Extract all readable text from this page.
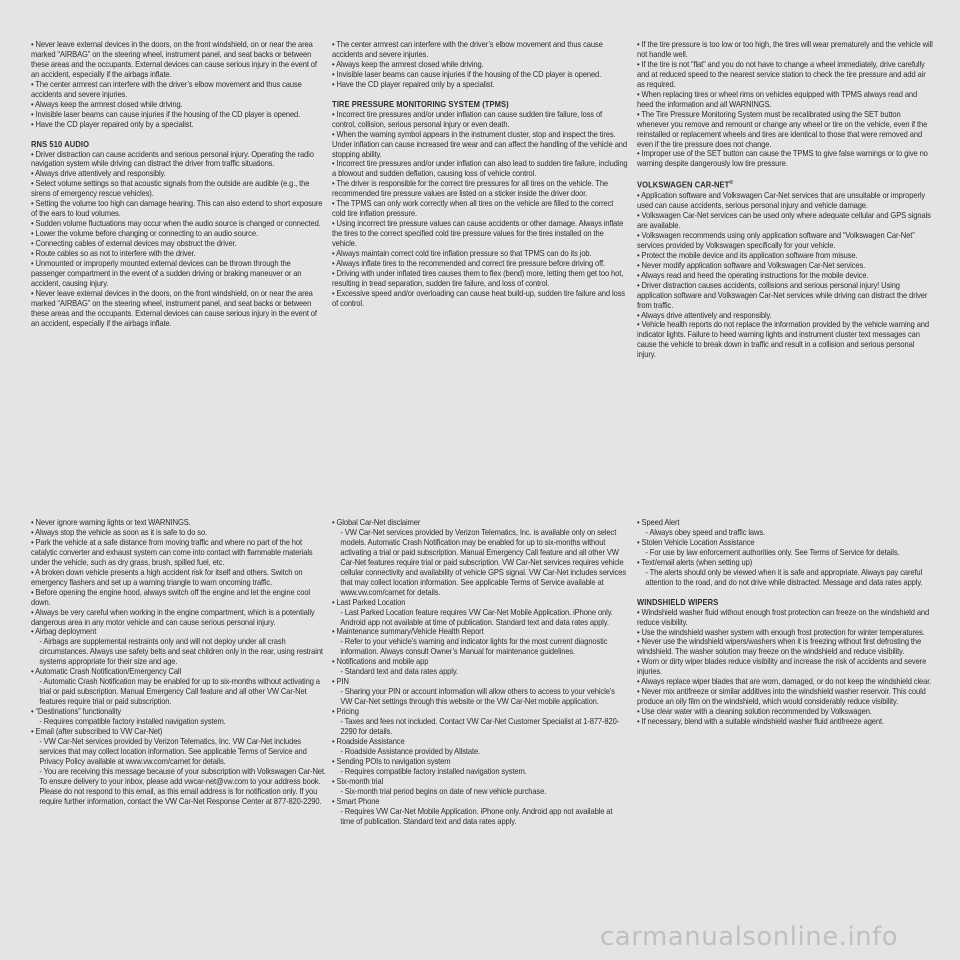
• Never leave external devices in the doors, on the front windshield, on or near the area marked “AIRBAG” on the steering wheel, instrument panel, and seat backs or between these areas and the occupants. External devices can cause serious injury in the event of an accident, especially if the airbags inflate.
• The center armrest can interfere with the driver’s elbow movement and thus cause accidents and severe injuries.
• Always keep the armrest closed while driving.
• Invisible laser beams can cause injuries if the housing of the CD player is opened.
• Have the CD player repaired only by a specialist.
RNS 510 AUDIO
• Driver distraction can cause accidents and serious personal injury. Operating the radio navigation system while driving can distract the driver from traffic situations.
• Always drive attentively and responsibly.
• Select volume settings so that acoustic signals from the outside are audible (e.g., the sirens of emergency rescue vehicles).
• Setting the volume too high can damage hearing. This can also extend to short exposure of the ears to loud volumes.
• Sudden volume fluctuations may occur when the audio source is changed or connected.
• Lower the volume before changing or connecting to an audio source.
• Connecting cables of external devices may obstruct the driver.
• Route cables so as not to interfere with the driver.
• Unmounted or improperly mounted external devices can be thrown through the passenger compartment in the event of a sudden driving or braking maneuver or an accident, causing injury.
• Never leave external devices in the doors, on the front windshield, on or near the area marked “AIRBAG” on the steering wheel, instrument panel, and seat backs or between these areas and the occupants. External devices can cause serious injury in the event of an accident, especially if the airbags inflate.
• The center armrest can interfere with the driver’s elbow movement and thus cause accidents and severe injuries.
• Always keep the armrest closed while driving.
• Invisible laser beams can cause injuries if the housing of the CD player is opened.
• Have the CD player repaired only by a specialist.
TIRE PRESSURE MONITORING SYSTEM (TPMS)
• Incorrect tire pressures and/or under inflation can cause sudden tire failure, loss of control, collision, serious personal injury or even death.
• When the warning symbol appears in the instrument cluster, stop and inspect the tires. Under inflation can cause increased tire wear and can affect the handling of the vehicle and stopping ability.
• Incorrect tire pressures and/or under inflation can also lead to sudden tire failure, including a blowout and sudden deflation, causing loss of vehicle control.
• The driver is responsible for the correct tire pressures for all tires on the vehicle. The recommended tire pressure values are listed on a sticker inside the driver door.
• The TPMS can only work correctly when all tires on the vehicle are filled to the correct cold tire inflation pressure.
• Using incorrect tire pressure values can cause accidents or other damage. Always inflate the tires to the correct specified cold tire pressure values for the tires installed on the vehicle.
• Always maintain correct cold tire inflation pressure so that TPMS can do its job.
• Always inflate tires to the recommended and correct tire pressure before driving off.
• Driving with under inflated tires causes them to flex (bend) more, letting them get too hot, resulting in tread separation, sudden tire failure, and loss of control.
• Excessive speed and/or overloading can cause heat build-up, sudden tire failure and loss of control.
• If the tire pressure is too low or too high, the tires will wear prematurely and the vehicle will not handle well.
• If the tire is not “flat” and you do not have to change a wheel immediately, drive carefully and at reduced speed to the nearest service station to check the tire pressure and add air as required.
• When replacing tires or wheel rims on vehicles equipped with TPMS always read and heed the information and all WARNINGS.
• The Tire Pressure Monitoring System must be recalibrated using the SET button whenever you remove and remount or change any wheel or tire on the vehicle, even if the reinstalled or replacement wheels and tires are identical to those that were removed and even if the tire pressure does not change.
• Improper use of the SET button can cause the TPMS to give false warnings or to give no warning despite dangerously low tire pressure.
VOLKSWAGEN CAR-NET®
• Application software and Volkswagen Car-Net services that are unsuitable or improperly used can cause accidents, serious personal injury and vehicle damage.
• Volkswagen Car-Net services can be used only where adequate cellular and GPS signals are available.
• Volkswagen recommends using only application software and “Volkswagen Car-Net” services provided by Volkswagen specifically for your vehicle.
• Protect the mobile device and its application software from misuse.
• Never modify application software and Volkswagen Car-Net services.
• Always read and heed the operating instructions for the mobile device.
• Driver distraction causes accidents, collisions and serious personal injury! Using application software and Volkswagen Car-Net services while driving can distract the driver from traffic.
• Always drive attentively and responsibly.
• Vehicle health reports do not replace the information provided by the vehicle warning and indicator lights. Failure to heed warning lights and instrument cluster text messages can cause the vehicle to break down in traffic and result in a collision and serious personal injury.
• Never ignore warning lights or text WARNINGS.
• Always stop the vehicle as soon as it is safe to do so.
• Park the vehicle at a safe distance from moving traffic and where no part of the hot catalytic converter and exhaust system can come into contact with flammable materials under the vehicle, such as dry grass, brush, spilled fuel, etc.
• A broken down vehicle presents a high accident risk for itself and others. Switch on emergency flashers and set up a warning triangle to warn oncoming traffic.
• Before opening the engine hood, always switch off the engine and let the engine cool down.
• Always be very careful when working in the engine compartment, which is a potentially dangerous area in any motor vehicle and can cause serious personal injury.
• Airbag deployment
- Airbags are supplemental restraints only and will not deploy under all crash circumstances. Always use safety belts and seat children only in the rear, using restraint systems appropriate for their size and age.
• Automatic Crash Notification/Emergency Call
- Automatic Crash Notification may be enabled for up to six-months without activating a trial or paid subscription. Manual Emergency Call feature and all other VW Car-Net features require trial or paid subscription.
• “Destinations” functionality
- Requires compatible factory installed navigation system.
• Email (after subscribed to VW Car-Net)
- VW Car-Net services provided by Verizon Telematics, Inc. VW Car-Net includes services that may collect location information. See applicable Terms of Service and Privacy Policy available at www.vw.com/carnet for details.
- You are receiving this message because of your subscription with Volkswagen Car-Net. To ensure delivery to your inbox, please add vwcar-net@vw.com to your address book. Please do not respond to this email, as this email address is for notification only. If you require further information, contact the VW Car-Net Response Center at 877-820-2290.
• Global Car-Net disclaimer
- VW Car-Net services provided by Verizon Telematics, Inc. is available only on select models. Automatic Crash Notification may be enabled for up to six-months without activating a trial or paid subscription. Manual Emergency Call feature and all other VW Car-Net features require trial or paid subscription. VW Car-Net services requires vehicle cellular connectivity and availability of vehicle GPS signal. VW Car-Net includes services that may collect location information. See applicable Terms of Service available at www.vw.com/carnet for details.
• Last Parked Location
- Last Parked Location feature requires VW Car-Net Mobile Application. iPhone only. Android app not available at time of publication. Standard text and data rates apply.
• Maintenance summary/Vehicle Health Report
- Refer to your vehicle’s warning and indicator lights for the most current diagnostic information. Always consult Owner’s Manual for maintenance guidelines.
• Notifications and mobile app
- Standard text and data rates apply.
• PIN
- Sharing your PIN or account information will allow others to access to your vehicle’s VW Car-Net settings through this website or the VW Car-Net mobile application.
• Pricing
- Taxes and fees not included. Contact VW Car-Net Customer Specialist at 1-877-820-2290 for details.
• Roadside Assistance
- Roadside Assistance provided by Allstate.
• Sending POIs to navigation system
- Requires compatible factory installed navigation system.
• Six-month trial
- Six-month trial period begins on date of new vehicle purchase.
• Smart Phone
- Requires VW Car-Net Mobile Application. iPhone only. Android app not available at time of publication. Standard text and data rates apply.
• Speed Alert
- Always obey speed and traffic laws.
• Stolen Vehicle Location Assistance
- For use by law enforcement authorities only. See Terms of Service for details.
• Text/email alerts (when setting up)
- The alerts should only be viewed when it is safe and appropriate. Always pay careful attention to the road, and do not drive while distracted. Message and data rates apply.
WINDSHIELD WIPERS
• Windshield washer fluid without enough frost protection can freeze on the windshield and reduce visibility.
• Use the windshield washer system with enough frost protection for winter temperatures.
• Never use the windshield wipers/washers when it is freezing without first defrosting the windshield. The washer solution may freeze on the windshield and reduce visibility.
• Worn or dirty wiper blades reduce visibility and increase the risk of accidents and severe injuries.
• Always replace wiper blades that are worn, damaged, or do not keep the windshield clear.
• Never mix antifreeze or similar additives into the windshield washer reservoir. This could produce an oily film on the windshield, which would considerably reduce visibility.
• Use clear water with a cleaning solution recommended by Volkswagen.
• If necessary, blend with a suitable windshield washer fluid antifreeze agent.
carmanualsonline.info
